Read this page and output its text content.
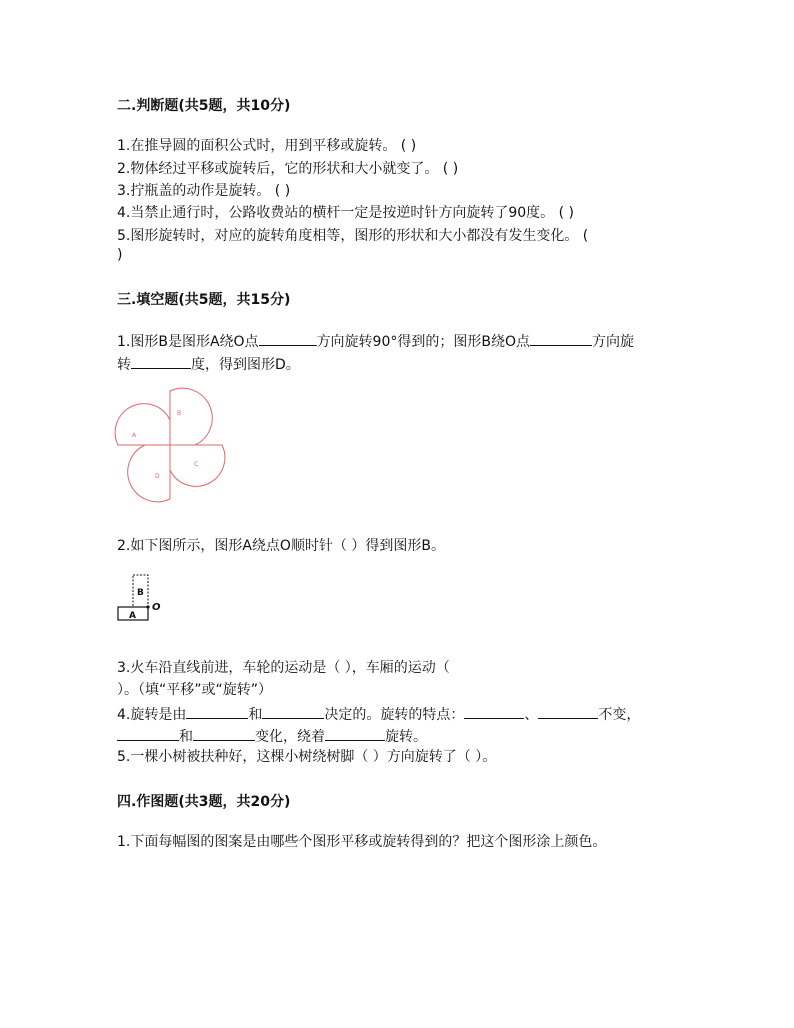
二.判断题(共5题，共10分)
1.在推导圆的面积公式时，用到平移或旋转。 ( )
2.物体经过平移或旋转后，它的形状和大小就变了。 ( )
3.拧瓶盖的动作是旋转。 ( )
4.当禁止通行时，公路收费站的横杆一定是按逆时针方向旋转了90度。 ( )
5.图形旋转时，对应的旋转角度相等，图形的形状和大小都没有发生变化。 (
)
三.填空题(共5题，共15分)
1.图形B是图形A绕O点	方向旋转90°得到的；图形B绕O点	方向旋
转	度，得到图形D。
A
B
C
D
2.如下图所示，图形A绕点O顺时针（ ）得到图形B。
B
A
O
3.火车沿直线前进，车轮的运动是（ ），车厢的运动（
）。（填“平移”或“旋转”）
4.旋转是由	和	决定的。旋转的特点：	、	不变，
和	变化，绕着	旋转。
5.一棵小树被扶种好，这棵小树绕树脚（ ）方向旋转了（ ）。
四.作图题(共3题，共20分)
1.下面每幅图的图案是由哪些个图形平移或旋转得到的？把这个图形涂上颜色。
